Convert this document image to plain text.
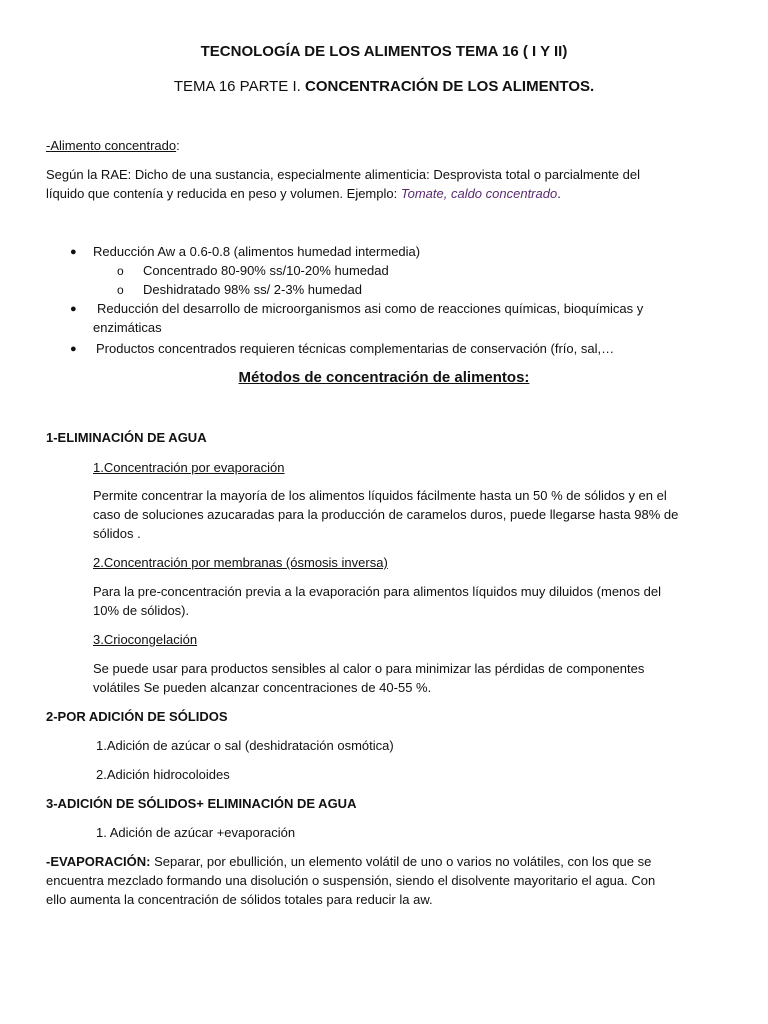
TECNOLOGÍA DE LOS ALIMENTOS TEMA 16 ( I Y II)
TEMA 16 PARTE I. CONCENTRACIÓN DE LOS ALIMENTOS.
-Alimento concentrado:
Según la RAE: Dicho de una sustancia, especialmente alimenticia: Desprovista total o parcialmente del
líquido que contenía y reducida en peso y volumen. Ejemplo: Tomate, caldo concentrado.
● Reducción Aw a 0.6-0.8 (alimentos humedad intermedia)
o Concentrado 80-90% ss/10-20% humedad
o Deshidratado 98% ss/ 2-3% humedad
● Reducción del desarrollo de microorganismos asi como de reacciones químicas, bioquímicas y
enzimáticas
● Productos concentrados requieren técnicas complementarias de conservación (frío, sal,…
Métodos de concentración de alimentos:
1-ELIMINACIÓN DE AGUA
1.Concentración por evaporación
Permite concentrar la mayoría de los alimentos líquidos fácilmente hasta un 50 % de sólidos y en el
caso de soluciones azucaradas para la producción de caramelos duros, puede llegarse hasta 98% de
sólidos .
2.Concentración por membranas (ósmosis inversa)
Para la pre-concentración previa a la evaporación para alimentos líquidos muy diluidos (menos del
10% de sólidos).
3.Criocongelación
Se puede usar para productos sensibles al calor o para minimizar las pérdidas de componentes
volátiles Se pueden alcanzar concentraciones de 40-55 %.
2-POR ADICIÓN DE SÓLIDOS
1.Adición de azúcar o sal (deshidratación osmótica)
2.Adición hidrocoloides
3-ADICIÓN DE SÓLIDOS+ ELIMINACIÓN DE AGUA
1. Adición de azúcar +evaporación
-EVAPORACIÓN: Separar, por ebullición, un elemento volátil de uno o varios no volátiles, con los que se
encuentra mezclado formando una disolución o suspensión, siendo el disolvente mayoritario el agua. Con
ello aumenta la concentración de sólidos totales para reducir la aw.
